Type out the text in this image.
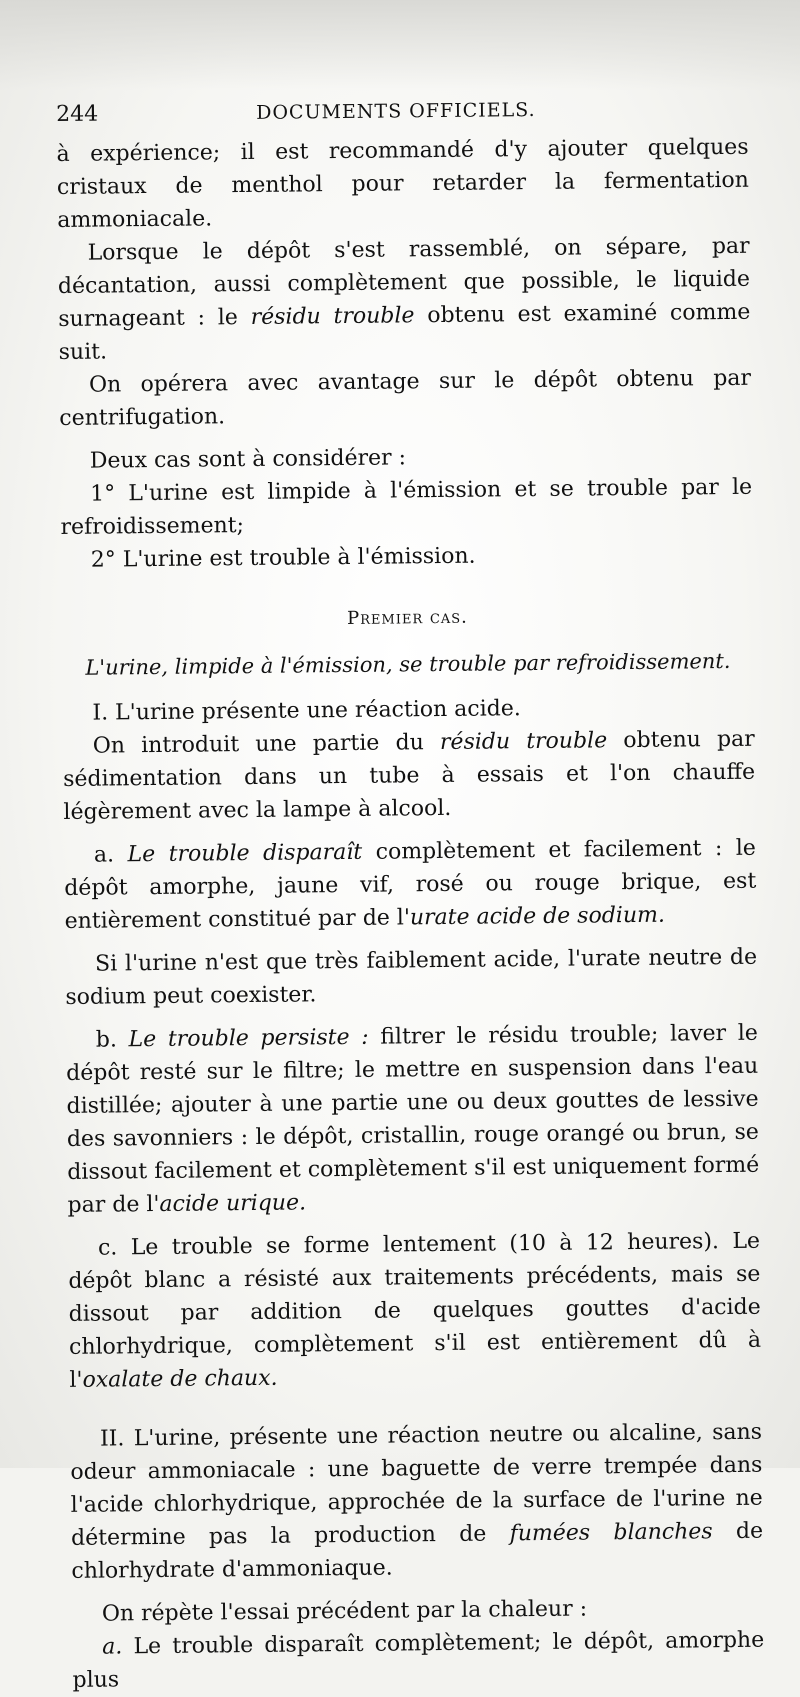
244	DOCUMENTS OFFICIELS.

à expérience; il est recommandé d'y ajouter quelques cristaux de menthol pour retarder la fermentation ammoniacale.

Lorsque le dépôt s'est rassemblé, on sépare, par décantation, aussi complètement que possible, le liquide surnageant : le résidu trouble obtenu est examiné comme suit.

On opérera avec avantage sur le dépôt obtenu par centrifugation.

Deux cas sont à considérer :

1° L'urine est limpide à l'émission et se trouble par le refroidissement;

2° L'urine est trouble à l'émission.

Premier cas.

L'urine, limpide à l'émission, se trouble par refroidissement.

I. L'urine présente une réaction acide.

On introduit une partie du résidu trouble obtenu par sédimentation dans un tube à essais et l'on chauffe légèrement avec la lampe à alcool.

a. Le trouble disparaît complètement et facilement : le dépôt amorphe, jaune vif, rosé ou rouge brique, est entièrement constitué par de l'urate acide de sodium.

Si l'urine n'est que très faiblement acide, l'urate neutre de sodium peut coexister.

b. Le trouble persiste : filtrer le résidu trouble; laver le dépôt resté sur le filtre; le mettre en suspension dans l'eau distillée; ajouter à une partie une ou deux gouttes de lessive des savonniers : le dépôt, cristallin, rouge orangé ou brun, se dissout facilement et complètement s'il est uniquement formé par de l'acide urique.

c. Le trouble se forme lentement (10 à 12 heures). Le dépôt blanc a résisté aux traitements précédents, mais se dissout par addition de quelques gouttes d'acide chlorhydrique, complètement s'il est entièrement dû à l'oxalate de chaux.

II. L'urine, présente une réaction neutre ou alcaline, sans odeur ammoniacale : une baguette de verre trempée dans l'acide chlorhydrique, approchée de la surface de l'urine ne détermine pas la production de fumées blanches de chlorhydrate d'ammoniaque.

On répète l'essai précédent par la chaleur :

a. Le trouble disparaît complètement; le dépôt, amorphe plus
